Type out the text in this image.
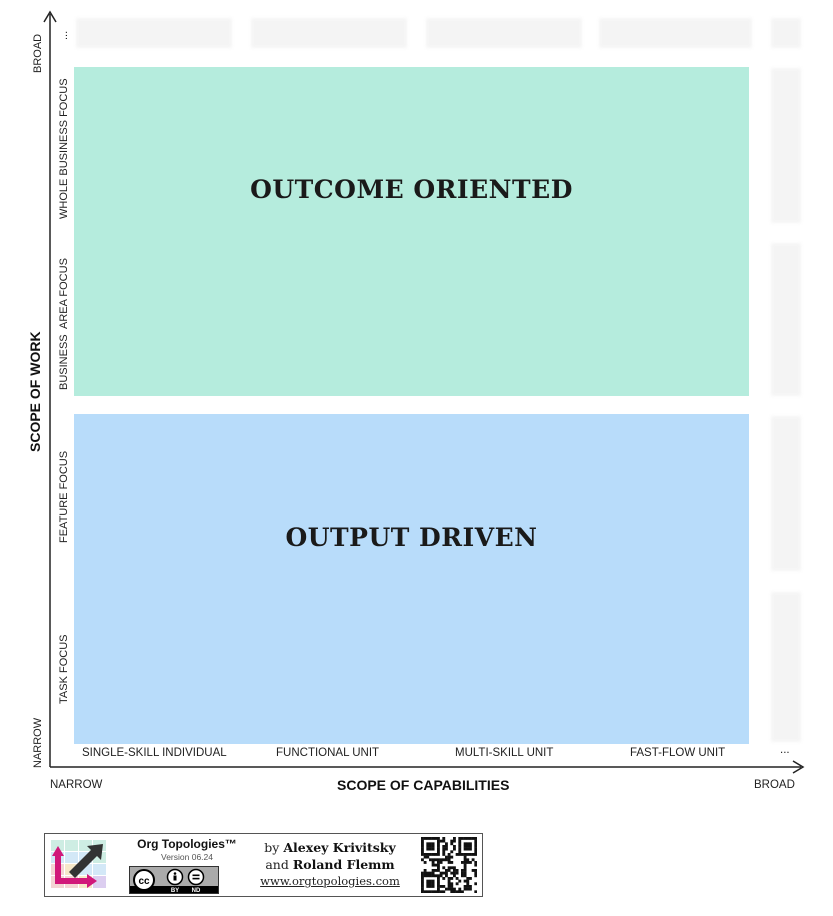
OUTCOME ORIENTED
OUTPUT DRIVEN
...
BROAD
WHOLE BUSINESS FOCUS
AREA FOCUS
BUSINESS
FEATURE FOCUS
TASK FOCUS
NARROW
SCOPE OF WORK
SINGLE-SKILL INDIVIDUAL	FUNCTIONAL UNIT	MULTI-SKILL UNIT	FAST-FLOW UNIT	...
NARROW	SCOPE OF CAPABILITIES	BROAD
Org Topologies™
Version 06.24
cc
BY ND
by Alexey Krivitsky
and Roland Flemm
www.orgtopologies.com
